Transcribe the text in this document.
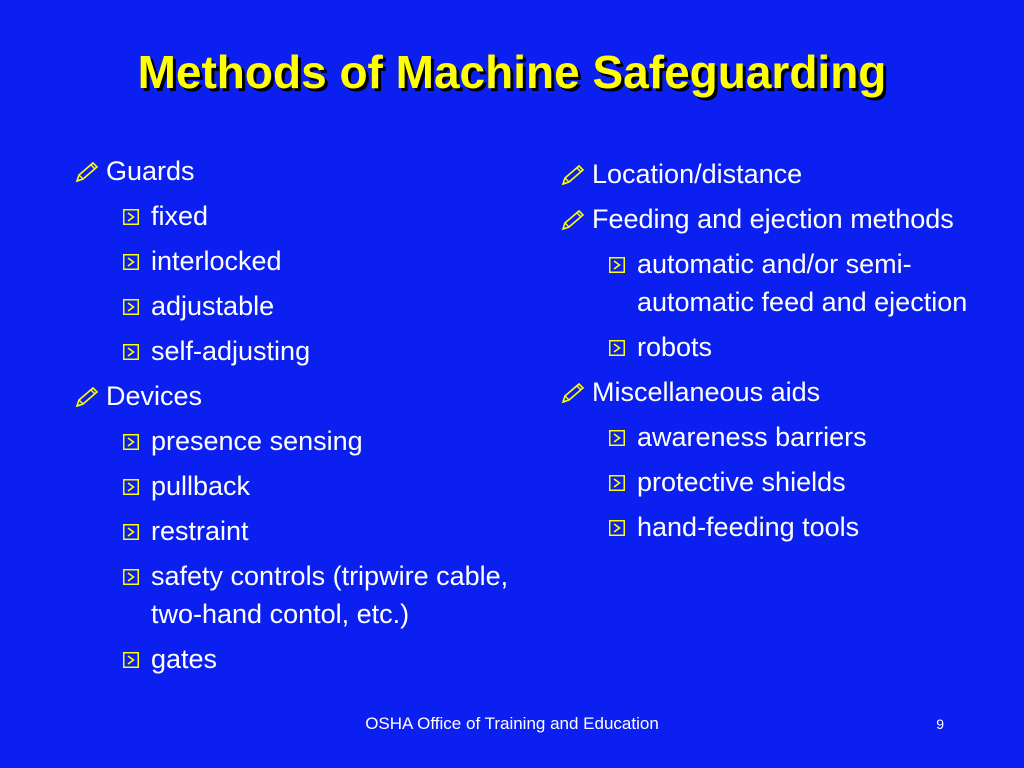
Methods of Machine Safeguarding
Guards
fixed
interlocked
adjustable
self-adjusting
Devices
presence sensing
pullback
restraint
safety controls (tripwire cable, two-hand contol, etc.)
gates
Location/distance
Feeding and ejection methods
automatic and/or semi-automatic feed and ejection
robots
Miscellaneous aids
awareness barriers
protective shields
hand-feeding tools
OSHA Office of Training and Education	9
